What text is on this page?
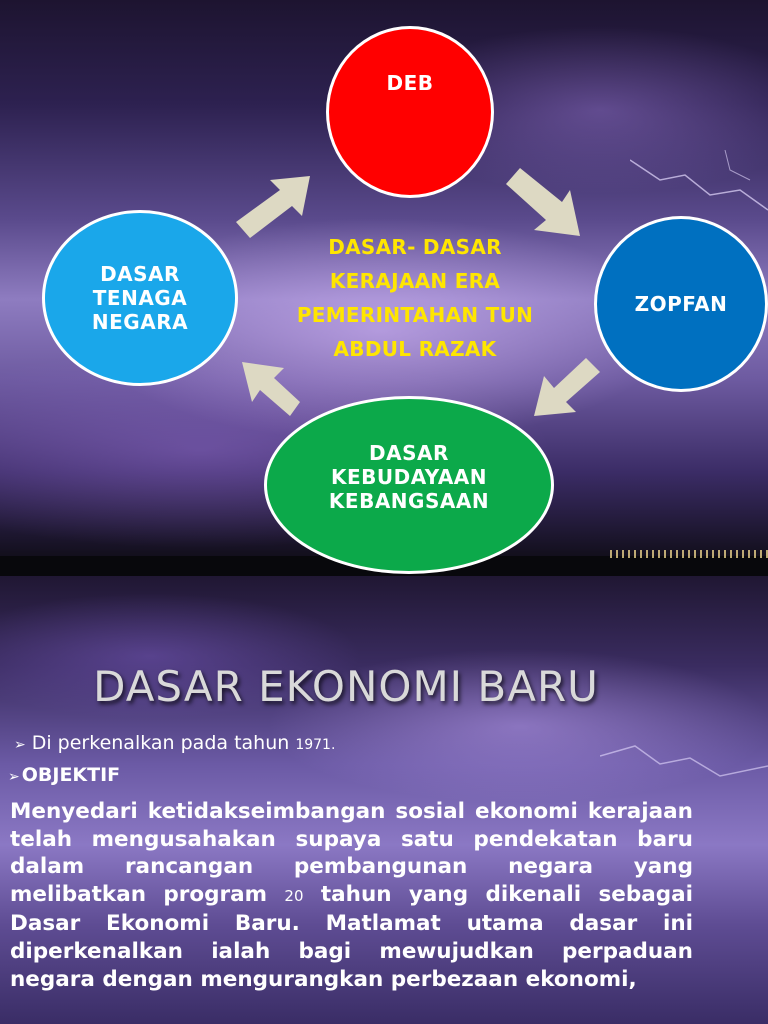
DEB
ZOPFAN
DASAR
TENAGA
NEGARA
DASAR
KEBUDAYAAN
KEBANGSAAN
DASAR- DASAR
KERAJAAN ERA
PEMERINTAHAN TUN
ABDUL RAZAK
DASAR EKONOMI BARU
➢ Di perkenalkan pada tahun 1971.
➢ OBJEKTIF
Menyedari ketidakseimbangan sosial ekonomi kerajaan telah mengusahakan supaya satu pendekatan baru dalam rancangan pembangunan negara yang melibatkan program 20 tahun yang dikenali sebagai Dasar Ekonomi Baru. Matlamat utama dasar ini diperkenalkan ialah bagi mewujudkan perpaduan negara dengan mengurangkan perbezaan ekonomi,
